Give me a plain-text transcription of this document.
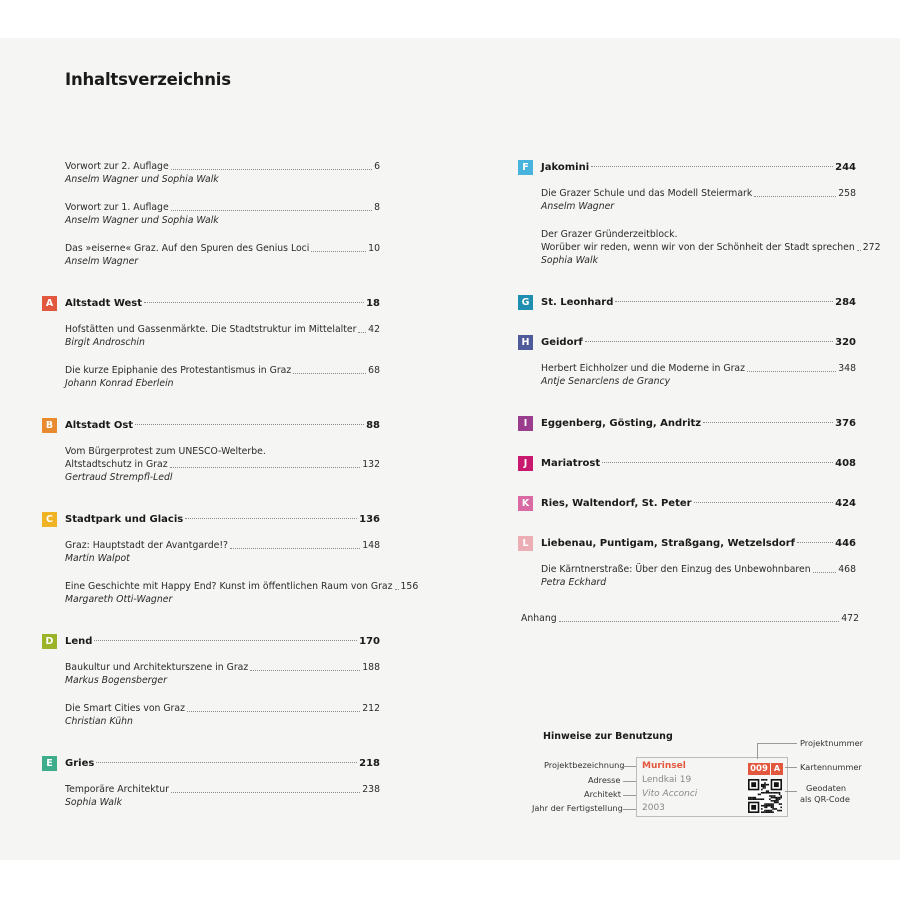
Inhaltsverzeichnis
Vorwort zur 2. Auflage	6
Anselm Wagner und Sophia Walk
Vorwort zur 1. Auflage	8
Anselm Wagner und Sophia Walk
Das »eiserne« Graz. Auf den Spuren des Genius Loci	10
Anselm Wagner
A	Altstadt West	18
Hofstätten und Gassenmärkte. Die Stadtstruktur im Mittelalter 42
Birgit Androschin
Die kurze Epiphanie des Protestantismus in Graz	68
Johann Konrad Eberlein
B	Altstadt Ost	88
Vom Bürgerprotest zum UNESCO-Welterbe.
Altstadtschutz in Graz	132
Gertraud Strempfl-Ledl
C	Stadtpark und Glacis	136
Graz: Hauptstadt der Avantgarde!?	148
Martin Walpot
Eine Geschichte mit Happy End? Kunst im öffentlichen Raum von Graz 156
Margareth Otti-Wagner
D	Lend	170
Baukultur und Architekturszene in Graz	188
Markus Bogensberger
Die Smart Cities von Graz	212
Christian Kühn
E	Gries	218
Temporäre Architektur	238
Sophia Walk
F	Jakomini	244
Die Grazer Schule und das Modell Steiermark	258
Anselm Wagner
Der Grazer Gründerzeitblock.
Worüber wir reden, wenn wir von der Schönheit der Stadt sprechen 272
Sophia Walk
G	St. Leonhard	284
H	Geidorf	320
Herbert Eichholzer und die Moderne in Graz	348
Antje Senarclens de Grancy
I	Eggenberg, Gösting, Andritz	376
J	Mariatrost	408
K	Ries, Waltendorf, St. Peter	424
L	Liebenau, Puntigam, Straßgang, Wetzelsdorf	446
Die Kärntnerstraße: Über den Einzug des Unbewohnbaren	468
Petra Eckhard
Anhang	472
Hinweise zur Benutzung
Projektbezeichnung
Adresse
Architekt
Jahr der Fertigstellung
Murinsel
Lendkai 19
Vito Acconci
2003
009 A
Projektnummer
Kartennummer
Geodaten
als QR-Code
